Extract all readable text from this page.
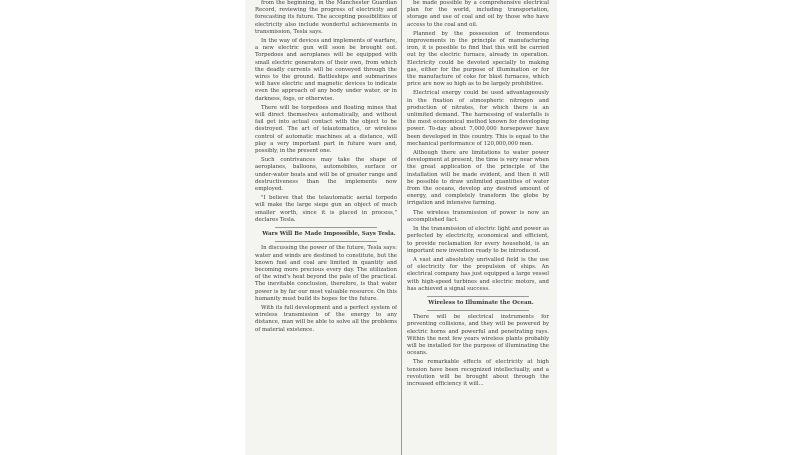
from the beginning, in the Manchester Guardian Record, reviewing the progress of electricity and forecasting its future. The accepting possibilities of electricity also include wonderful achievements in transmission, Tesla says.

In the way of devices and implements of warfare, a new electric gun will soon be brought out. Torpedoes and aeroplanes will be equipped with small electric generators of their own, from which the deadly currents will be conveyed through the wires to the ground. Battleships and submarines will have electric and magnetic devices to indicate even the approach of any body under water, or in darkness, fogs, or otherwise.

There will be torpedoes and floating mines that will direct themselves automatically, and without fail get into actual contact with the object to be destroyed. The art of telautomatics, or wireless control of automatic machines at a distance, will play a very important part in future wars and, possibly, in the present one.

Such contrivances may take the shape of aeroplanes, balloons, automobiles, surface or under-water boats and will be of greater range and destructiveness than the implements now employed.

"I believe that the telautomatic aerial torpedo will make the large siege gun an object of much smaller worth, since it is placed in process," declares Tesla.

Wars Will Be Made Impossible, Says Tesla.

In discussing the power of the future, Tesla says: water and winds are destined to constitute, but the known fuel and coal are limited in quantity and becoming more precious every day. The utilization of the wind's heat beyond the pale of the practical. The inevitable conclusion, therefore, is that water power is by far our most valuable resource. On this humanity must build its hopes for the future.

With its full development and a perfect system of wireless transmission of the energy to any distance, man will be able to solve all the problems of material existence.

be made possible by a comprehensive electrical plan for the world, including transportation, storage and use of coal and oil by those who have access to the coal and oil.

Planned by the possession of tremendous improvements in the principle of manufacturing iron, it is possible to find that this will be carried out by the electric furnace, already in operation. Electricity could be devoted specially to making gas, either for the purpose of illumination or for the manufacture of coke for blast furnaces, which price are now so high as to be largely prohibitive.

Electrical energy could be used advantageously in the fixation of atmospheric nitrogen and production of nitrates, for which there is an unlimited demand. The harnessing of waterfalls is the most economical method known for developing power. To-day about 7,000,000 horsepower have been developed in this country. This is equal to the mechanical performance of 120,000,000 men.

Although there are limitations to water power development at present, the time is very near when the great application of the principle of the installation will be made evident, and then it will be possible to draw unlimited quantities of water from the oceans, develop any desired amount of energy, and completely transform the globe by irrigation and intensive farming.

The wireless transmission of power is now an accomplished fact.

In the transmission of electric light and power as perfected by electricity, economical and efficient, to provide reclamation for every household, is an important new invention ready to be introduced.

A vast and absolutely unrivalled field is the use of electricity for the propulsion of ships. An electrical company has just equipped a large vessel with high-speed turbines and electric motors, and has achieved a signal success.

Wireless to Illuminate the Ocean.

There will be electrical instruments for preventing collisions, and they will be powered by electric horns and powerful and penetrating rays. Within the next few years wireless plants probably will be installed for the purpose of illuminating the oceans.

The remarkable effects of electricity at high tension have been recognized intellectually, and a revolution will be brought about through the increased efficiency it will...
